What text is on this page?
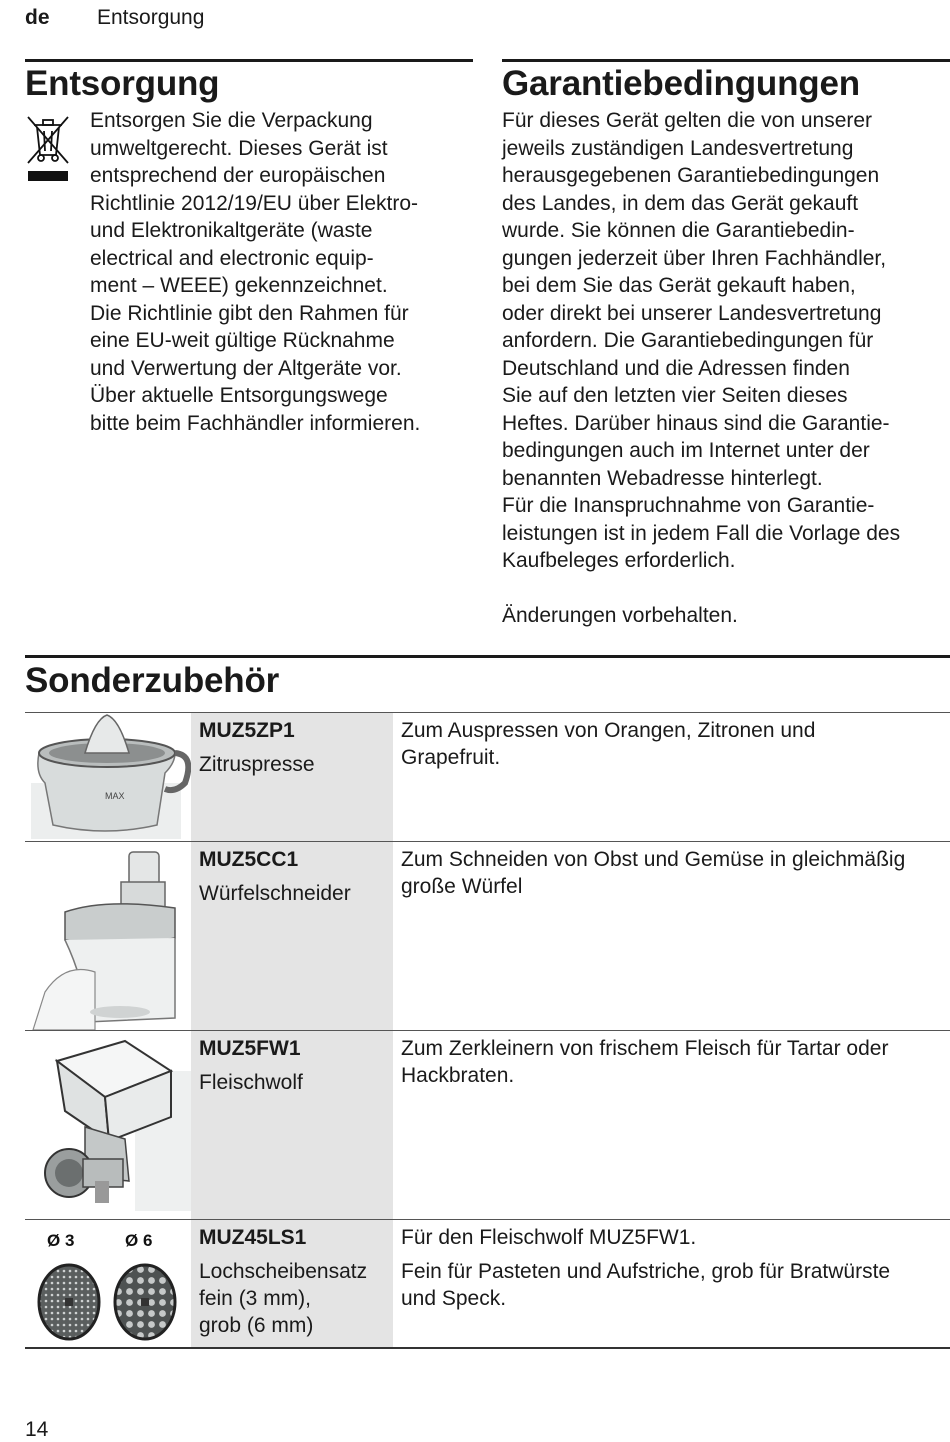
de Entsorgung
Entsorgung
Entsorgen Sie die Verpackung
umweltgerecht. Dieses Gerät ist
entsprechend der europäischen
Richtlinie 2012/19/EU über Elektro-
und Elektronikaltgeräte (waste
electrical and electronic equip-
ment – WEEE) gekennzeichnet.
Die Richtlinie gibt den Rahmen für
eine EU-weit gültige Rücknahme
und Verwertung der Altgeräte vor.
Über aktuelle Entsorgungswege
bitte beim Fachhändler informieren.
Garantiebedingungen
Für dieses Gerät gelten die von unserer
jeweils zuständigen Landesvertretung
herausgegebenen Garantiebedingungen
des Landes, in dem das Gerät gekauft
wurde. Sie können die Garantiebedin-
gungen jederzeit über Ihren Fachhändler,
bei dem Sie das Gerät gekauft haben,
oder direkt bei unserer Landesvertretung
anfordern. Die Garantiebedingungen für
Deutschland und die Adressen finden
Sie auf den letzten vier Seiten dieses
Heftes. Darüber hinaus sind die Garantie-
bedingungen auch im Internet unter der
benannten Webadresse hinterlegt.
Für die Inanspruchnahme von Garantie-
leistungen ist in jedem Fall die Vorlage des
Kaufbeleges erforderlich.
Änderungen vorbehalten.
Sonderzubehör
MAX
MUZ5ZP1
Zitruspresse
Zum Auspressen von Orangen, Zitronen und
Grapefruit.
MUZ5CC1
Würfelschneider
Zum Schneiden von Obst und Gemüse in gleichmäßig
große Würfel
MUZ5FW1
Fleischwolf
Zum Zerkleinern von frischem Fleisch für Tartar oder
Hackbraten.
Ø 3	Ø 6 MUZ45LS1
Lochscheibensatz
fein (3 mm),
grob (6 mm)
Für den Fleischwolf MUZ5FW1.
Fein für Pasteten und Aufstriche, grob für Bratwürste
und Speck.
14
